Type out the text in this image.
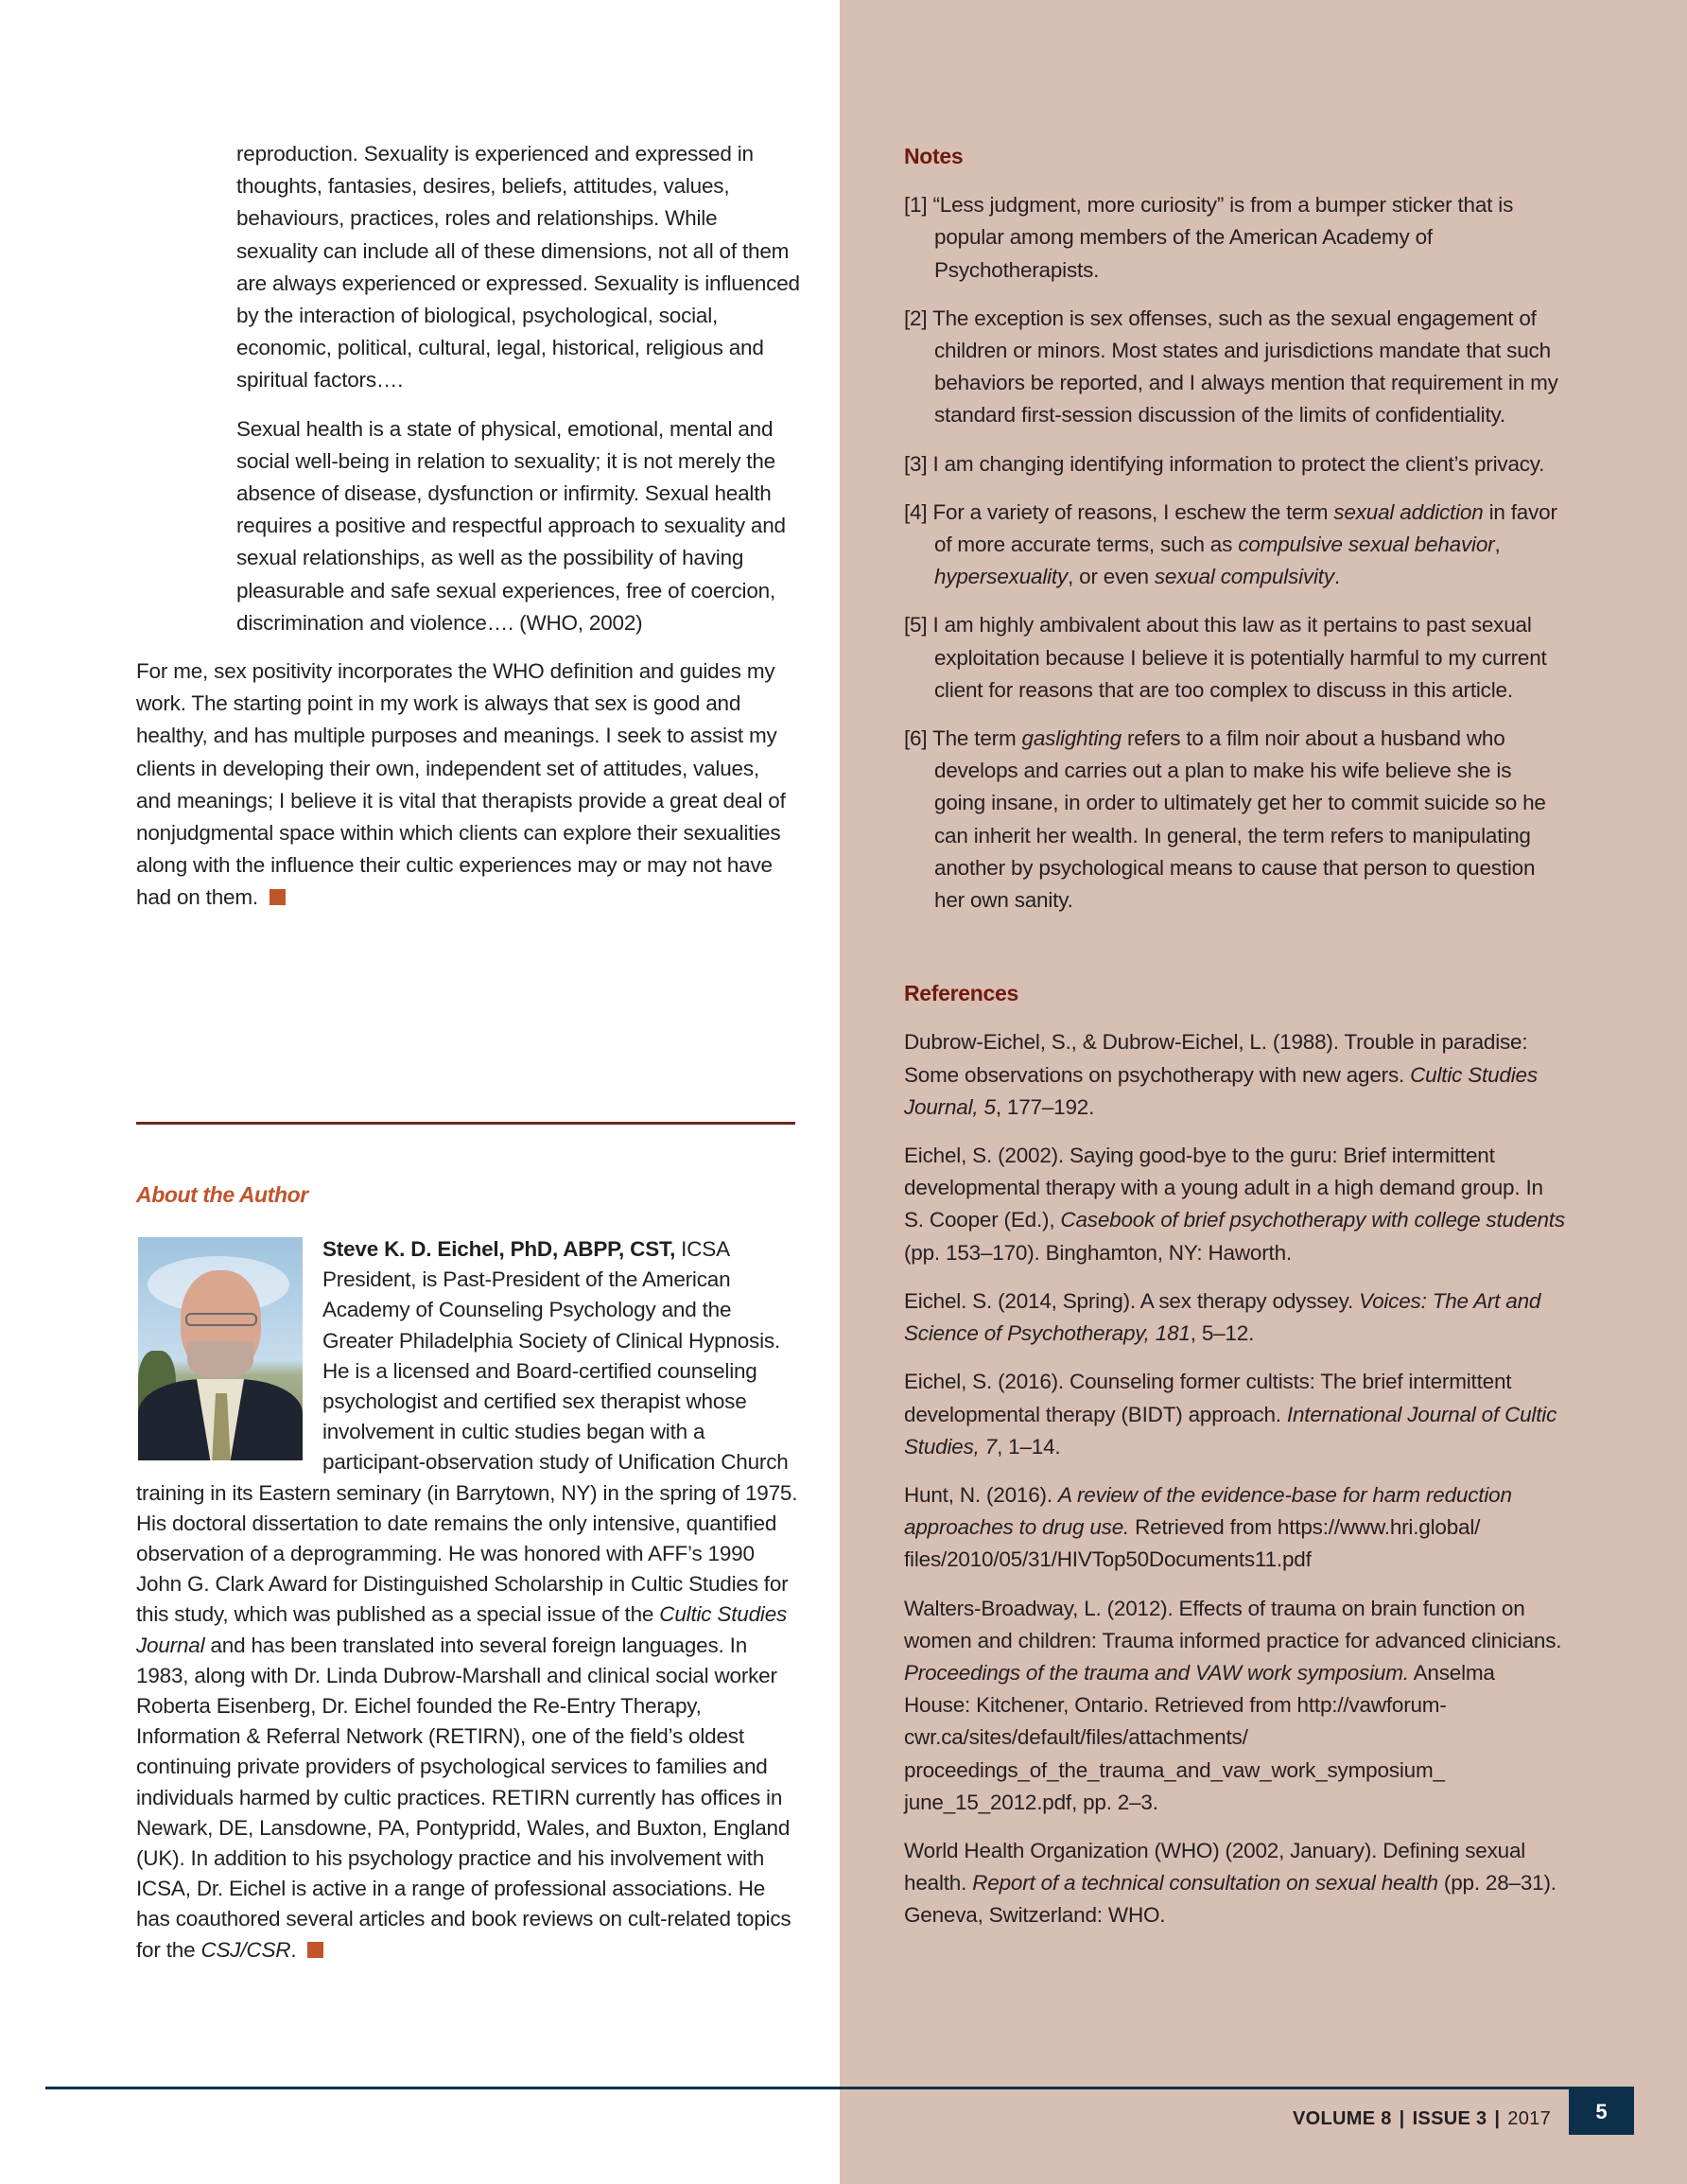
reproduction. Sexuality is experienced and expressed in thoughts, fantasies, desires, beliefs, attitudes, values, behaviours, practices, roles and relationships. While sexuality can include all of these dimensions, not all of them are always experienced or expressed. Sexuality is influenced by the interaction of biological, psychological, social, economic, political, cultural, legal, historical, religious and spiritual factors….

Sexual health is a state of physical, emotional, mental and social well-being in relation to sexuality; it is not merely the absence of disease, dysfunction or infirmity. Sexual health requires a positive and respectful approach to sexuality and sexual relationships, as well as the possibility of having pleasurable and safe sexual experiences, free of coercion, discrimination and violence…. (WHO, 2002)

For me, sex positivity incorporates the WHO definition and guides my work. The starting point in my work is always that sex is good and healthy, and has multiple purposes and meanings. I seek to assist my clients in developing their own, independent set of attitudes, values, and meanings; I believe it is vital that therapists provide a great deal of nonjudgmental space within which clients can explore their sexualities along with the influence their cultic experiences may or may not have had on them.

About the Author
Steve K. D. Eichel, PhD, ABPP, CST, ICSA President, is Past-President of the American Academy of Counseling Psychology and the Greater Philadelphia Society of Clinical Hypnosis. He is a licensed and Board-certified counseling psychologist and certified sex therapist whose involvement in cultic studies began with a participant-observation study of Unification Church training in its Eastern seminary (in Barrytown, NY) in the spring of 1975. His doctoral dissertation to date remains the only intensive, quantified observation of a deprogramming. He was honored with AFF’s 1990 John G. Clark Award for Distinguished Scholarship in Cultic Studies for this study, which was published as a special issue of the Cultic Studies Journal and has been translated into several foreign languages. In 1983, along with Dr. Linda Dubrow-Marshall and clinical social worker Roberta Eisenberg, Dr. Eichel founded the Re-Entry Therapy, Information & Referral Network (RETIRN), one of the field’s oldest continuing private providers of psychological services to families and individuals harmed by cultic practices. RETIRN currently has offices in Newark, DE, Lansdowne, PA, Pontypridd, Wales, and Buxton, England (UK). In addition to his psychology practice and his involvement with ICSA, Dr. Eichel is active in a range of professional associations. He has coauthored several articles and book reviews on cult-related topics for the CSJ/CSR.
Notes

[1] “Less judgment, more curiosity” is from a bumper sticker that is popular among members of the American Academy of Psychotherapists.

[2] The exception is sex offenses, such as the sexual engagement of children or minors. Most states and jurisdictions mandate that such behaviors be reported, and I always mention that requirement in my standard first-session discussion of the limits of confidentiality.

[3] I am changing identifying information to protect the client’s privacy.

[4] For a variety of reasons, I eschew the term sexual addiction in favor of more accurate terms, such as compulsive sexual behavior, hypersexuality, or even sexual compulsivity.

[5] I am highly ambivalent about this law as it pertains to past sexual exploitation because I believe it is potentially harmful to my current client for reasons that are too complex to discuss in this article.

[6] The term gaslighting refers to a film noir about a husband who develops and carries out a plan to make his wife believe she is going insane, in order to ultimately get her to commit suicide so he can inherit her wealth. In general, the term refers to manipulating another by psychological means to cause that person to question her own sanity.

References

Dubrow-Eichel, S., & Dubrow-Eichel, L. (1988). Trouble in paradise: Some observations on psychotherapy with new agers. Cultic Studies Journal, 5, 177–192.

Eichel, S. (2002). Saying good-bye to the guru: Brief intermittent developmental therapy with a young adult in a high demand group. In S. Cooper (Ed.), Casebook of brief psychotherapy with college students (pp. 153–170). Binghamton, NY: Haworth.

Eichel. S. (2014, Spring). A sex therapy odyssey. Voices: The Art and Science of Psychotherapy, 181, 5–12.

Eichel, S. (2016). Counseling former cultists: The brief intermittent developmental therapy (BIDT) approach. International Journal of Cultic Studies, 7, 1–14.

Hunt, N. (2016). A review of the evidence-base for harm reduction approaches to drug use. Retrieved from https://www.hri.global/ files/2010/05/31/HIVTop50Documents11.pdf

Walters-Broadway, L. (2012). Effects of trauma on brain function on women and children: Trauma informed practice for advanced clinicians. Proceedings of the trauma and VAW work symposium. Anselma House: Kitchener, Ontario. Retrieved from http://vawforum-cwr.ca/sites/default/files/attachments/ proceedings_of_the_trauma_and_vaw_work_symposium_ june_15_2012.pdf, pp. 2–3.

World Health Organization (WHO) (2002, January). Defining sexual health. Report of a technical consultation on sexual health (pp. 28–31). Geneva, Switzerland: WHO.

VOLUME 8 | ISSUE 3 | 2017	5
